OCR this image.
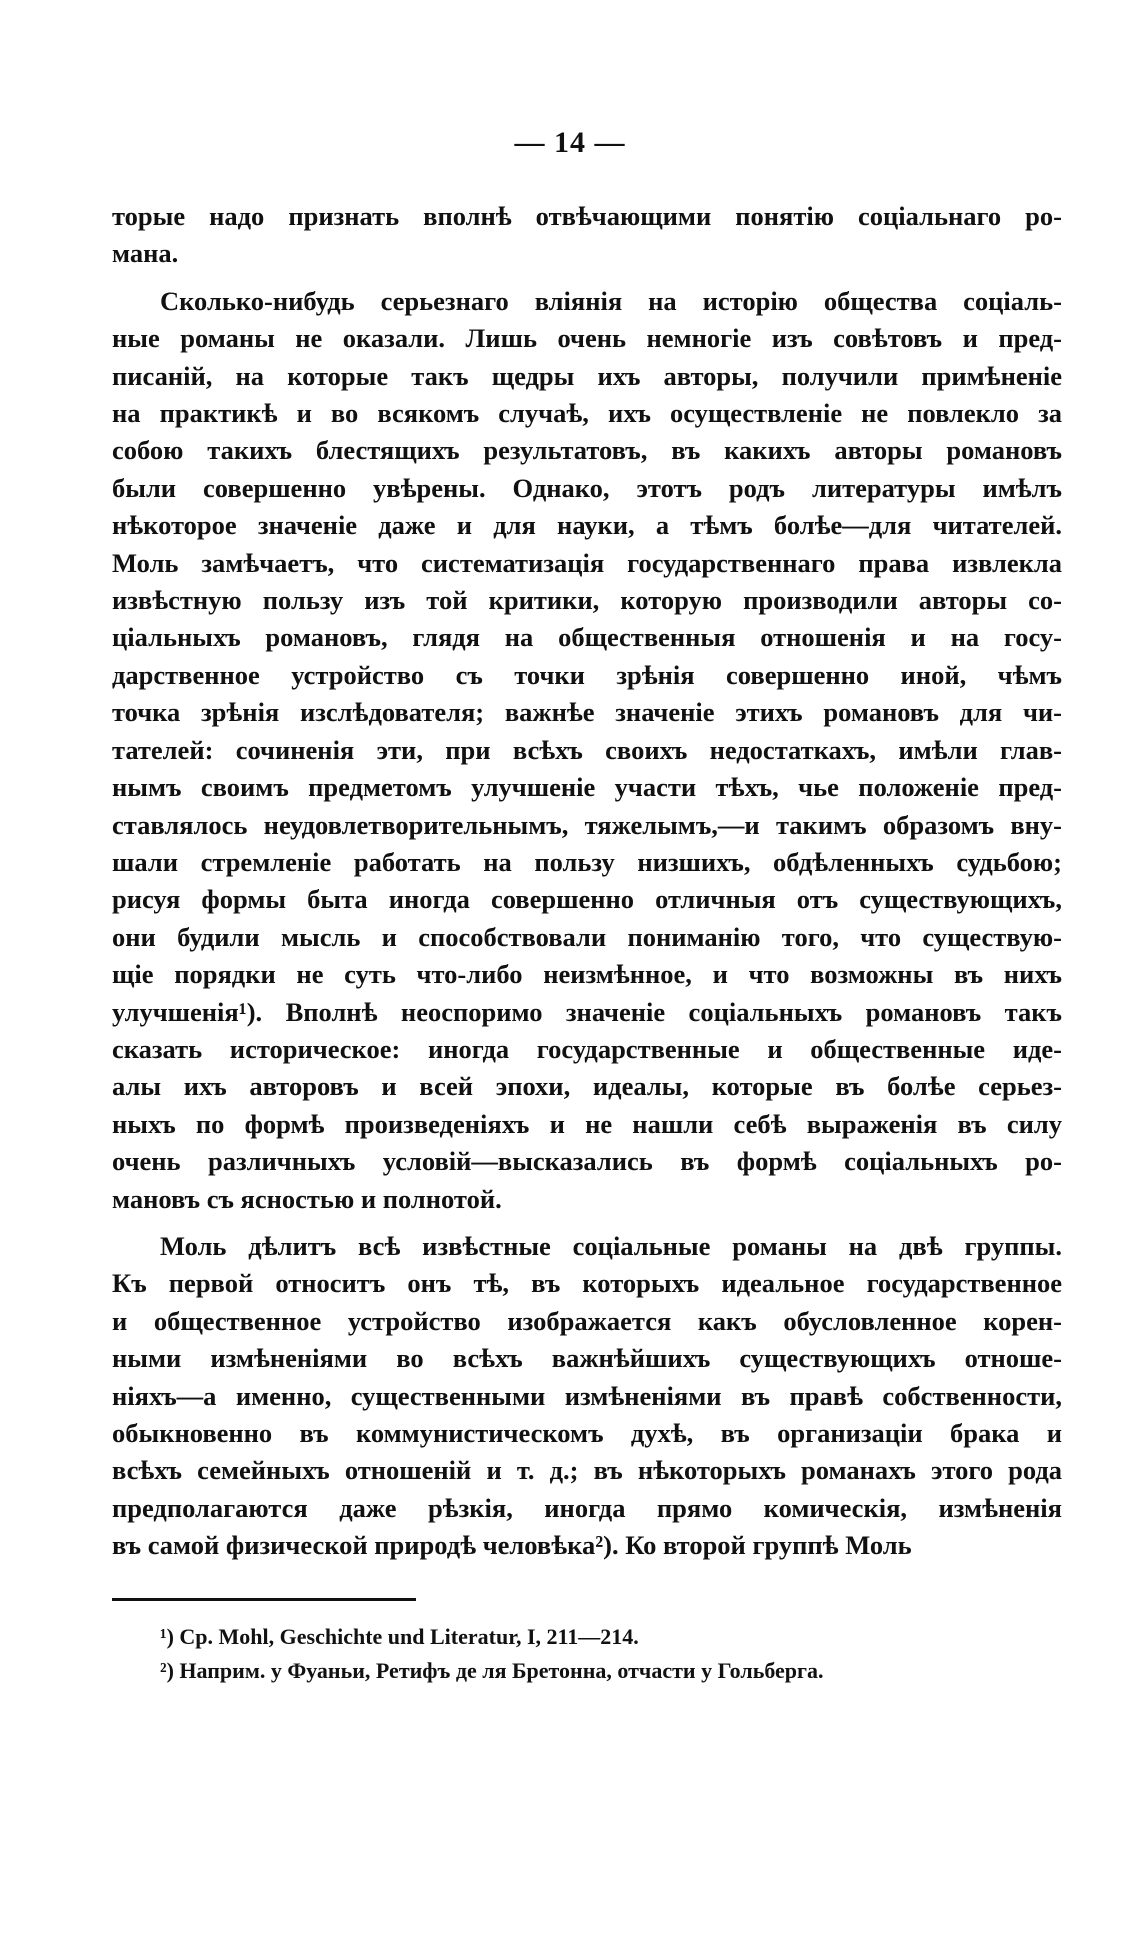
— 14 —
торые надо признать вполнѣ отвѣчающими понятію соціальнаго ро-
мана.
Сколько-нибудь серьезнаго вліянія на исторію общества соціаль-
ные романы не оказали. Лишь очень немногіе изъ совѣтовъ и пред-
писаній, на которые такъ щедры ихъ авторы, получили примѣненіе
на практикѣ и во всякомъ случаѣ, ихъ осуществленіе не повлекло за
собою такихъ блестящихъ результатовъ, въ какихъ авторы романовъ
были совершенно увѣрены. Однако, этотъ родъ литературы имѣлъ
нѣкоторое значеніе даже и для науки, а тѣмъ болѣе—для читателей.
Моль замѣчаетъ, что систематизація государственнаго права извлекла
извѣстную пользу изъ той критики, которую производили авторы со-
ціальныхъ романовъ, глядя на общественныя отношенія и на госу-
дарственное устройство съ точки зрѣнія совершенно иной, чѣмъ
точка зрѣнія изслѣдователя; важнѣе значеніе этихъ романовъ для чи-
тателей: сочиненія эти, при всѣхъ своихъ недостаткахъ, имѣли глав-
нымъ своимъ предметомъ улучшеніе участи тѣхъ, чье положеніе пред-
ставлялось неудовлетворительнымъ, тяжелымъ,—и такимъ образомъ вну-
шали стремленіе работать на пользу низшихъ, обдѣленныхъ судьбою;
рисуя формы быта иногда совершенно отличныя отъ существующихъ,
они будили мысль и способствовали пониманію того, что существую-
щіе порядки не суть что-либо неизмѣнное, и что возможны въ нихъ
улучшенія¹). Вполнѣ неоспоримо значеніе соціальныхъ романовъ такъ
сказать историческое: иногда государственные и общественные иде-
алы ихъ авторовъ и всей эпохи, идеалы, которые въ болѣе серьез-
ныхъ по формѣ произведеніяхъ и не нашли себѣ выраженія въ силу
очень различныхъ условій—высказались въ формѣ соціальныхъ ро-
мановъ съ ясностью и полнотой.
Моль дѣлитъ всѣ извѣстные соціальные романы на двѣ группы.
Къ первой относитъ онъ тѣ, въ которыхъ идеальное государственное
и общественное устройство изображается какъ обусловленное корен-
ными измѣненіями во всѣхъ важнѣйшихъ существующихъ отноше-
ніяхъ—а именно, существенными измѣненіями въ правѣ собственности,
обыкновенно въ коммунистическомъ духѣ, въ организаціи брака и
всѣхъ семейныхъ отношеній и т. д.; въ нѣкоторыхъ романахъ этого рода
предполагаются даже рѣзкія, иногда прямо комическія, измѣненія
въ самой физической природѣ человѣка²). Ко второй группѣ Моль
¹) Ср. Mohl, Geschichte und Literatur, I, 211—214.
²) Наприм. у Фуаньи, Ретифъ де ля Бретонна, отчасти у Гольберга.
